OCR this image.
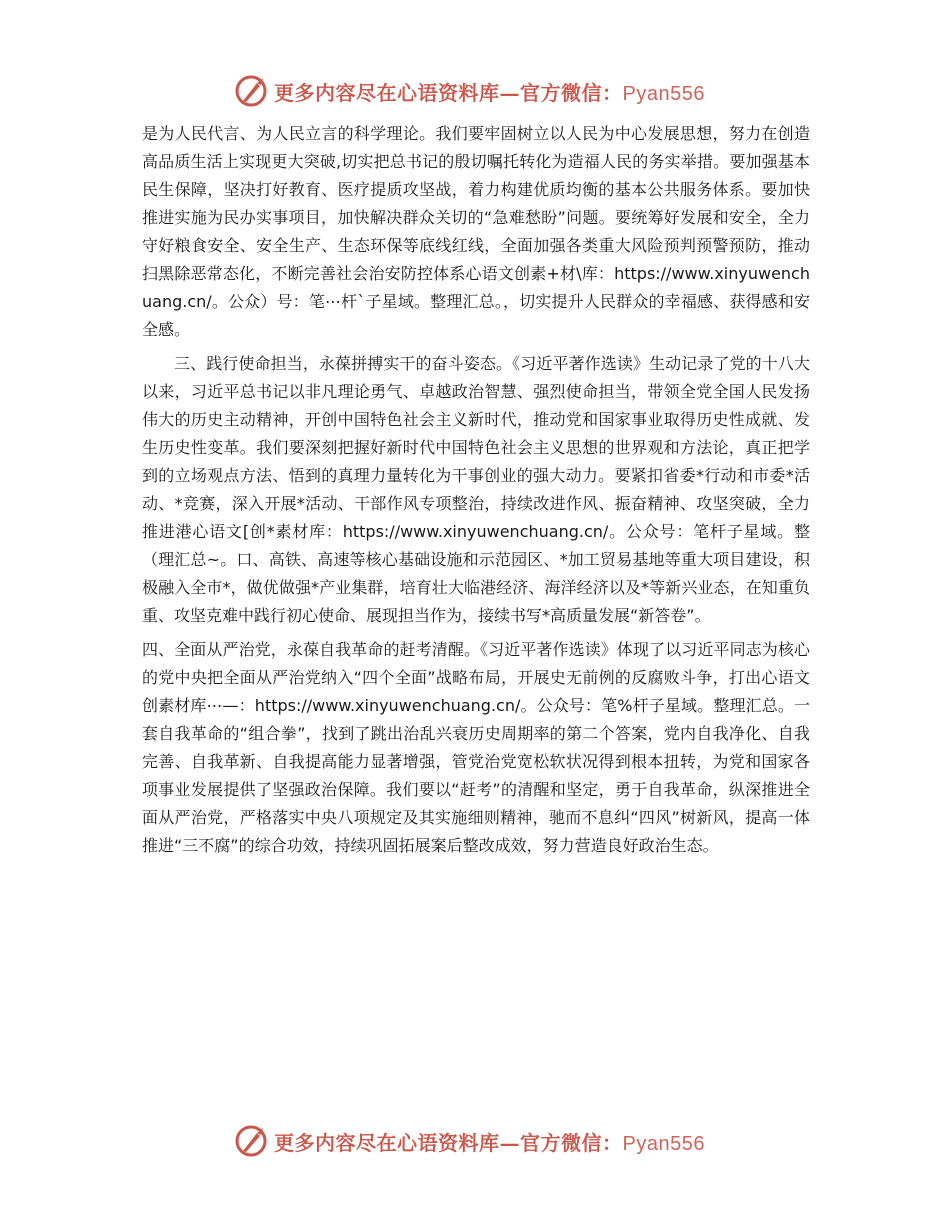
更多内容尽在心语资料库—官方微信：Pyan556

是为人民代言、为人民立言的科学理论。我们要牢固树立以人民为中心发展思想，努力在创造高品质生活上实现更大突破,切实把总书记的殷切嘱托转化为造福人民的务实举措。要加强基本民生保障，坚决打好教育、医疗提质攻坚战，着力构建优质均衡的基本公共服务体系。要加快推进实施为民办实事项目，加快解决群众关切的“急难愁盼”问题。要统筹好发展和安全，全力守好粮食安全、安全生产、生态环保等底线红线，全面加强各类重大风险预判预警预防，推动扫黑除恶常态化，不断完善社会治安防控体系心语文创素+材\库：https://www.xinyuwenchuang.cn/。公众）号：笔⋯杆`子星域。整理汇总。，切实提升人民群众的幸福感、获得感和安全感。

三、践行使命担当，永葆拼搏实干的奋斗姿态。《习近平著作选读》生动记录了党的十八大以来，习近平总书记以非凡理论勇气、卓越政治智慧、强烈使命担当，带领全党全国人民发扬伟大的历史主动精神，开创中国特色社会主义新时代，推动党和国家事业取得历史性成就、发生历史性变革。我们要深刻把握好新时代中国特色社会主义思想的世界观和方法论，真正把学到的立场观点方法、悟到的真理力量转化为干事创业的强大动力。要紧扣省委*行动和市委*活动、*竞赛，深入开展*活动、干部作风专项整治，持续改进作风、振奋精神、攻坚突破，全力推进港心语文[创*素材库：https://www.xinyuwenchuang.cn/。公众号：笔杆子星域。整（理汇总~。口、高铁、高速等核心基础设施和示范园区、*加工贸易基地等重大项目建设，积极融入全市*，做优做强*产业集群，培育壮大临港经济、海洋经济以及*等新兴业态，在知重负重、攻坚克难中践行初心使命、展现担当作为，接续书写*高质量发展“新答卷”。

四、全面从严治党，永葆自我革命的赶考清醒。《习近平著作选读》体现了以习近平同志为核心的党中央把全面从严治党纳入“四个全面”战略布局，开展史无前例的反腐败斗争，打出心语文创素材库⋯—：https://www.xinyuwenchuang.cn/。公众号：笔%杆子星域。整理汇总。一套自我革命的“组合拳”，找到了跳出治乱兴衰历史周期率的第二个答案，党内自我净化、自我完善、自我革新、自我提高能力显著增强，管党治党宽松软状况得到根本扭转，为党和国家各项事业发展提供了坚强政治保障。我们要以“赶考”的清醒和坚定，勇于自我革命，纵深推进全面从严治党，严格落实中央八项规定及其实施细则精神，驰而不息纠“四风”树新风，提高一体推进“三不腐”的综合功效，持续巩固拓展案后整改成效，努力营造良好政治生态。

更多内容尽在心语资料库—官方微信：Pyan556
